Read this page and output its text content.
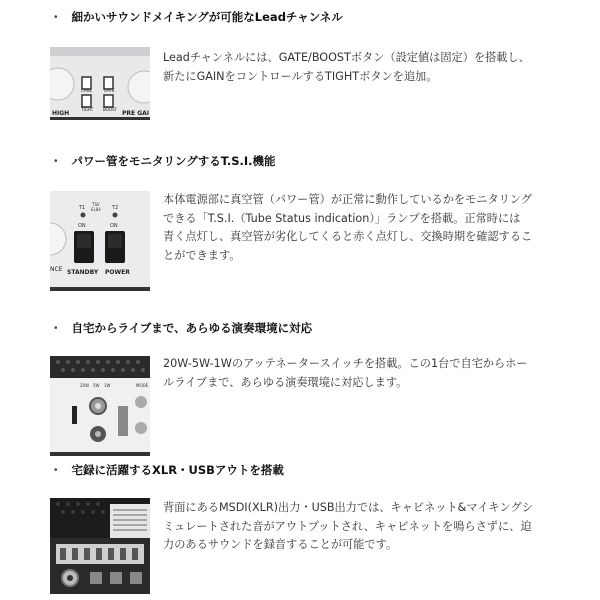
・ 細かいサウンドメイキングが可能なLeadチャンネル
CHNL	GATE
TIGHT BOOST
HIGH	PRE GAI

Leadチャンネルには、GATE/BOOSTボタン（設定値は固定）を搭載し、

新たにGAINをコントロールするTIGHTボタンを追加。

・ パワー管をモニタリングするT.S.I.機能
T1
TSI/
EL84 T2
ON	ON
NCE STANDBY POWER

本体電源部に真空管（パワー管）が正常に動作しているかをモニタリング

できる「T.S.I.（Tube Status indication）」ランプを搭載。正常時には

青く点灯し、真空管が劣化してくると赤く点灯し、交換時期を確認するこ

とができます。

・ 自宅からライブまで、あらゆる演奏環境に対応
20W 5W 1W	MODE

20W-5W-1Wのアッテネータースイッチを搭載。この1台で自宅からホー

ルライブまで、あらゆる演奏環境に対応します。

・ 宅録に活躍するXLR・USBアウトを搭載

背面にあるMSDI(XLR)出力・USB出力では、キャビネット&マイキングシ

ミュレートされた音がアウトプットされ、キャビネットを鳴らさずに、迫

力のあるサウンドを録音することが可能です。
